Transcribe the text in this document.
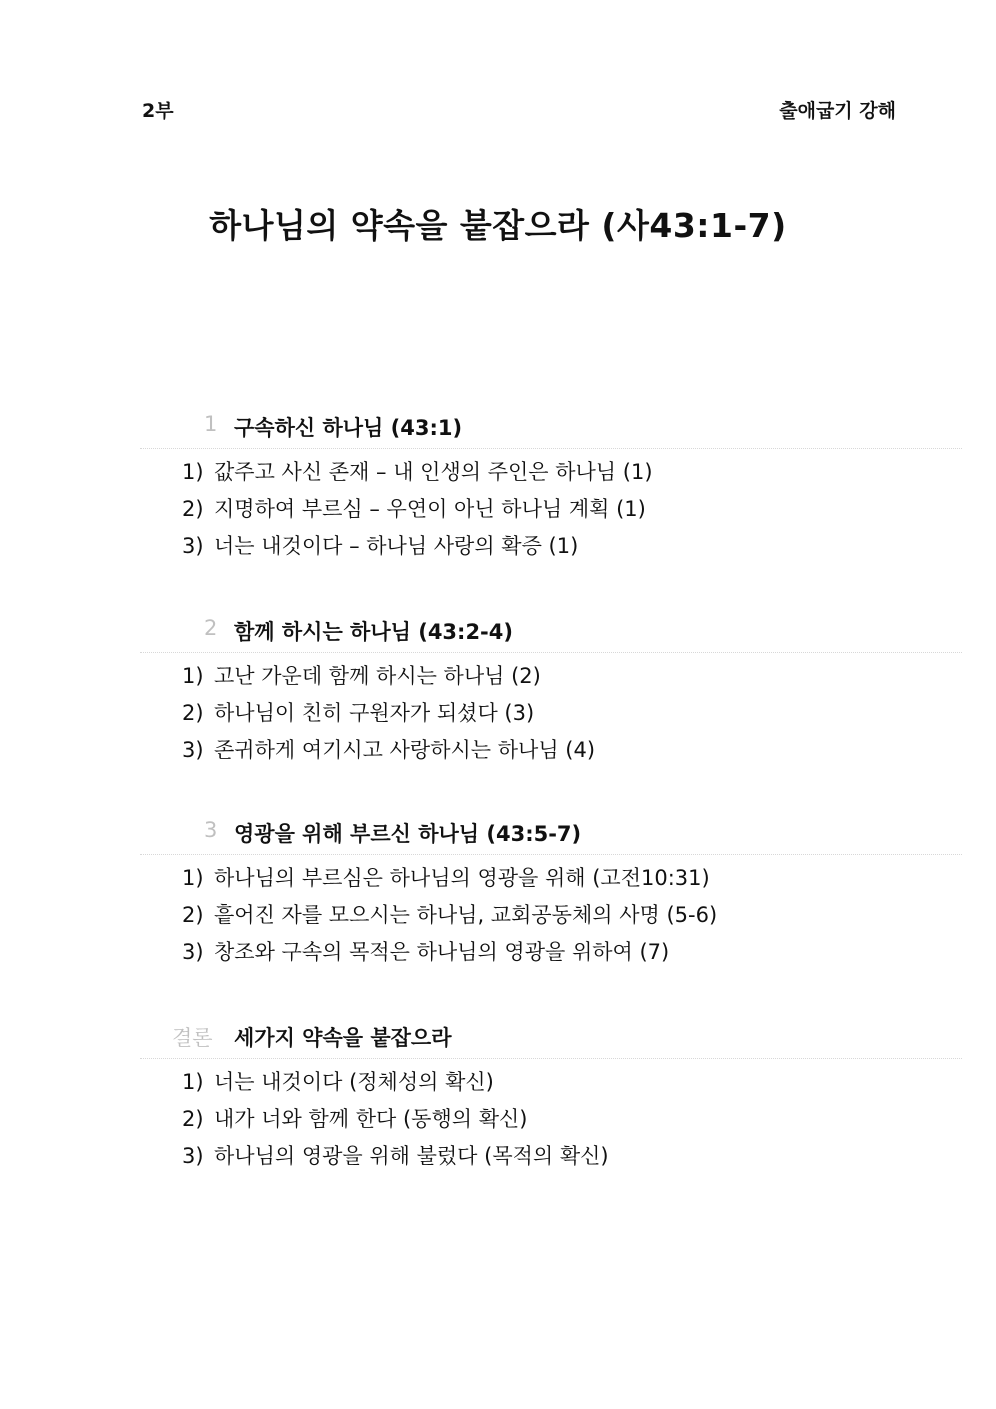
2부	출애굽기 강해
하나님의 약속을 붙잡으라 (사43:1-7)
1 구속하신 하나님 (43:1)
1) 값주고 사신 존재 – 내 인생의 주인은 하나님 (1)
2) 지명하여 부르심 – 우연이 아닌 하나님 계획 (1)
3) 너는 내것이다 – 하나님 사랑의 확증 (1)
2 함께 하시는 하나님 (43:2-4)
1) 고난 가운데 함께 하시는 하나님 (2)
2) 하나님이 친히 구원자가 되셨다 (3)
3) 존귀하게 여기시고 사랑하시는 하나님 (4)
3 영광을 위해 부르신 하나님 (43:5-7)
1) 하나님의 부르심은 하나님의 영광을 위해 (고전10:31)
2) 흩어진 자를 모으시는 하나님, 교회공동체의 사명 (5-6)
3) 창조와 구속의 목적은 하나님의 영광을 위하여 (7)
결론 세가지 약속을 붙잡으라
1) 너는 내것이다 (정체성의 확신)
2) 내가 너와 함께 한다 (동행의 확신)
3) 하나님의 영광을 위해 불렀다 (목적의 확신)
